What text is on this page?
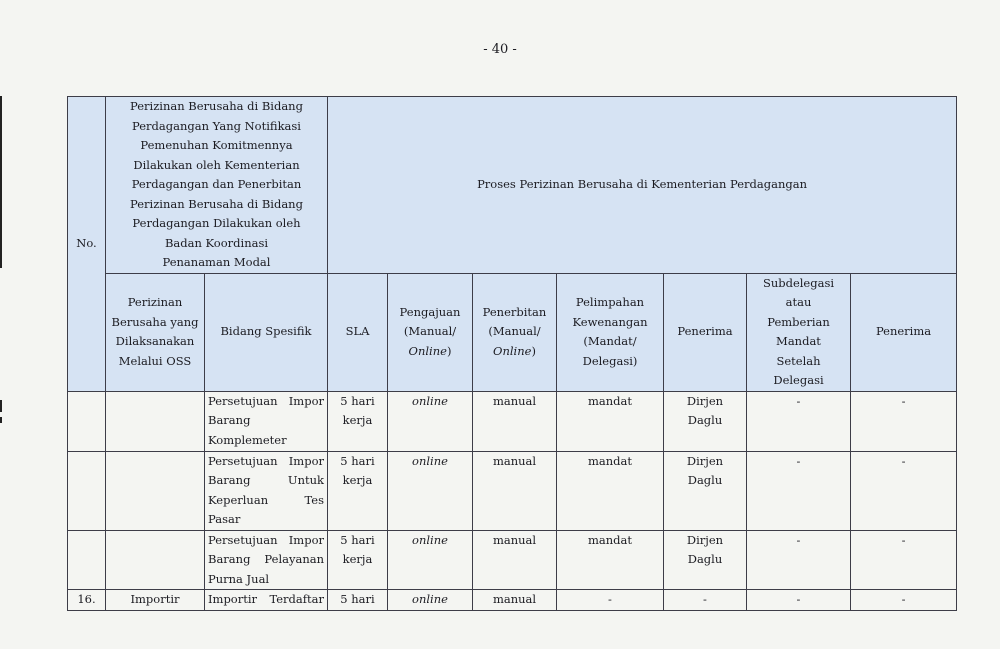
- 40 -
No.	Perizinan Berusaha di Bidang Perdagangan Yang Notifikasi Pemenuhan Komitmennya Dilakukan oleh Kementerian Perdagangan dan Penerbitan Perizinan Berusaha di Bidang Perdagangan Dilakukan oleh Badan Koordinasi Penanaman Modal		Proses Perizinan Berusaha di Kementerian Perdagangan						
	Perizinan Berusaha yang Dilaksanakan Melalui OSS	Bidang Spesifik	SLA	Pengajuan
(Manual/
Online)	Penerbitan
(Manual/
Online)	Pelimpahan Kewenangan (Mandat/ Delegasi)	Penerima	Subdelegasi atau Pemberian Mandat Setelah Delegasi	Penerima

		Persetujuan Impor
Barang Komplemeter	5 hari kerja	online	manual	mandat	Dirjen Daglu	-	-

		Persetujuan Impor Barang Untuk Keperluan Tes
Pasar	5 hari kerja	online	manual	mandat	Dirjen Daglu	-	-

		Persetujuan Impor Barang Pelayanan
Purna Jual	5 hari kerja	online	manual	mandat	Dirjen Daglu	-	-
16.	Importir	Importir Terdaftar	5 hari	online	manual	-	-	-	-
